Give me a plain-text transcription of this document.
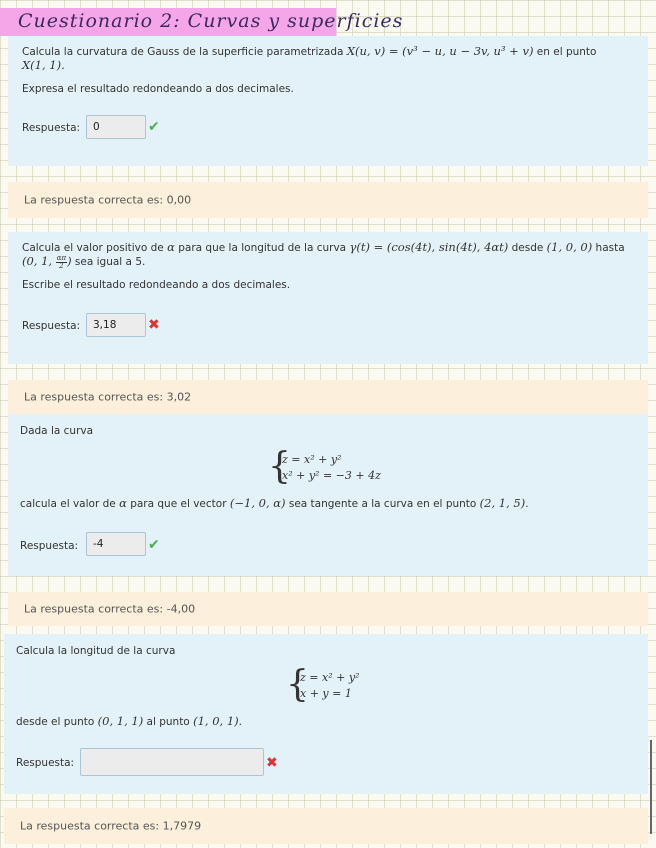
Cuestionario 2: Curvas y superficies
Calcula la curvatura de Gauss de la superficie parametrizada X(u, v) = (v³ − u, u − 3v, u³ + v) en el punto
X(1, 1).
Expresa el resultado redondeando a dos decimales.
Respuesta:	0	✔
La respuesta correcta es: 0,00
Calcula el valor positivo de α para que la longitud de la curva γ(t) = (cos(4t), sin(4t), 4αt) desde (1, 0, 0) hasta
(0, 1, $\frac{\alpha\pi}{2}$ ) sea igual a 5.
Escribe el resultado redondeando a dos decimales.
Respuesta:	3,18	✖
La respuesta correcta es: 3,02
Dada la curva
{
z = x² + y²
x² + y² = −3 + 4z
calcula el valor de α para que el vector (−1, 0, α) sea tangente a la curva en el punto (2, 1, 5).
Respuesta:	-4	✔
La respuesta correcta es: -4,00
Calcula la longitud de la curva
{
z = x² + y²
x + y = 1
desde el punto (0, 1, 1) al punto (1, 0, 1).
Respuesta:	✖
La respuesta correcta es: 1,7979
